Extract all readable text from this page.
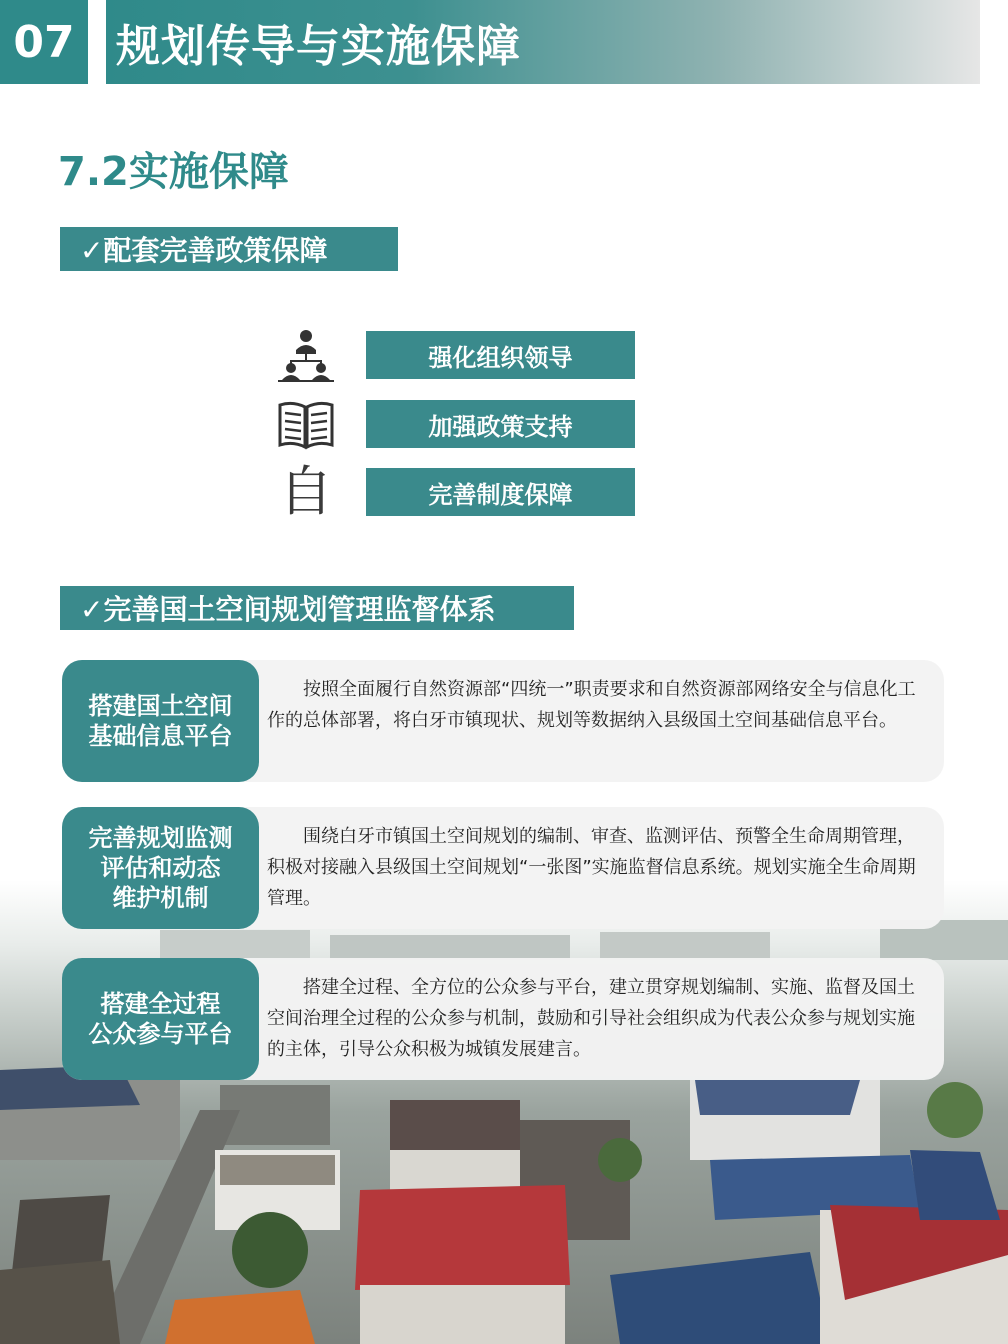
07 规划传导与实施保障
7.2实施保障
✓配套完善政策保障
强化组织领导
加强政策支持
自	完善制度保障
✓完善国土空间规划管理监督体系
搭建国土空间
基础信息平台
按照全面履行自然资源部“四统一”职责要求和自然资源部网络安全与信息化工作的总体部署，将白牙市镇现状、规划等数据纳入县级国土空间基础信息平台。
完善规划监测
评估和动态
维护机制
围绕白牙市镇国土空间规划的编制、审查、监测评估、预警全生命周期管理，积极对接融入县级国土空间规划“一张图”实施监督信息系统。规划实施全生命周期管理。
搭建全过程
公众参与平台
搭建全过程、全方位的公众参与平台，建立贯穿规划编制、实施、监督及国土空间治理全过程的公众参与机制，鼓励和引导社会组织成为代表公众参与规划实施的主体，引导公众积极为城镇发展建言。
